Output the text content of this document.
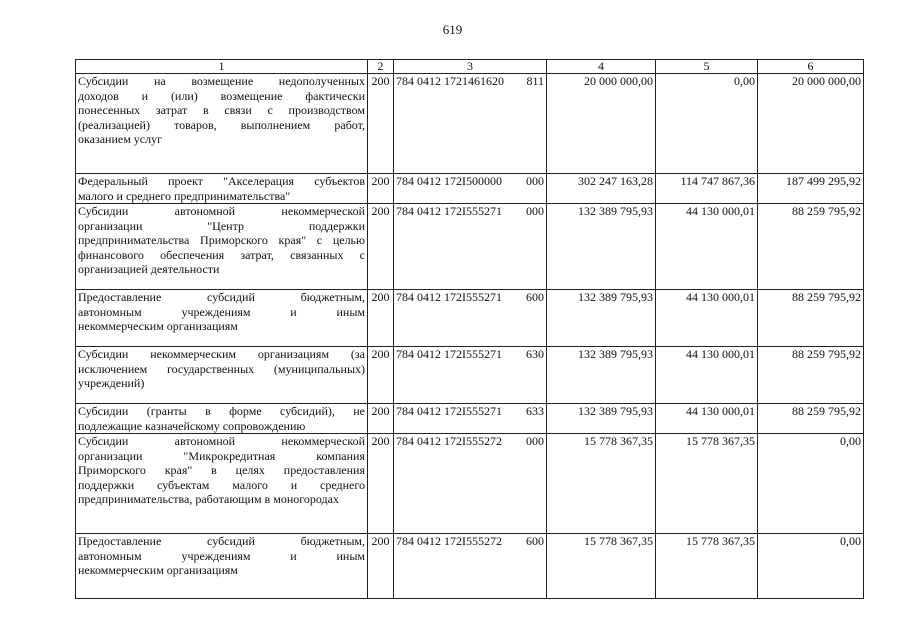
619
1	2	3	4	5	6

Субсидии на возмещение недополученных
доходов и (или) возмещение фактически
понесенных затрат в связи с производством
(реализацией) товаров, выполнением работ,
оказанием услуг	200	784 0412 1721461620 811	20 000 000,00	0,00	20 000 000,00

Федеральный проект "Акселерация субъектов
малого и среднего предпринимательства"	200	784 0412 172I500000 000	302 247 163,28	114 747 867,36	187 499 295,92

Субсидии автономной некоммерческой
организации "Центр поддержки
предпринимательства Приморского края" с целью
финансового обеспечения затрат, связанных с
организацией деятельности	200	784 0412 172I555271 000	132 389 795,93	44 130 000,01	88 259 795,92

Предоставление субсидий бюджетным,
автономным учреждениям и иным
некоммерческим организациям	200	784 0412 172I555271 600	132 389 795,93	44 130 000,01	88 259 795,92

Субсидии некоммерческим организациям (за
исключением государственных (муниципальных)
учреждений)	200	784 0412 172I555271 630	132 389 795,93	44 130 000,01	88 259 795,92

Субсидии (гранты в форме субсидий), не
подлежащие казначейскому сопровождению	200	784 0412 172I555271 633	132 389 795,93	44 130 000,01	88 259 795,92

Субсидии автономной некоммерческой
организации "Микрокредитная компания
Приморского края" в целях предоставления
поддержки субъектам малого и среднего
предпринимательства, работающим в моногородах	200	784 0412 172I555272 000	15 778 367,35	15 778 367,35	0,00

Предоставление субсидий бюджетным,
автономным учреждениям и иным
некоммерческим организациям	200	784 0412 172I555272 600	15 778 367,35	15 778 367,35	0,00
